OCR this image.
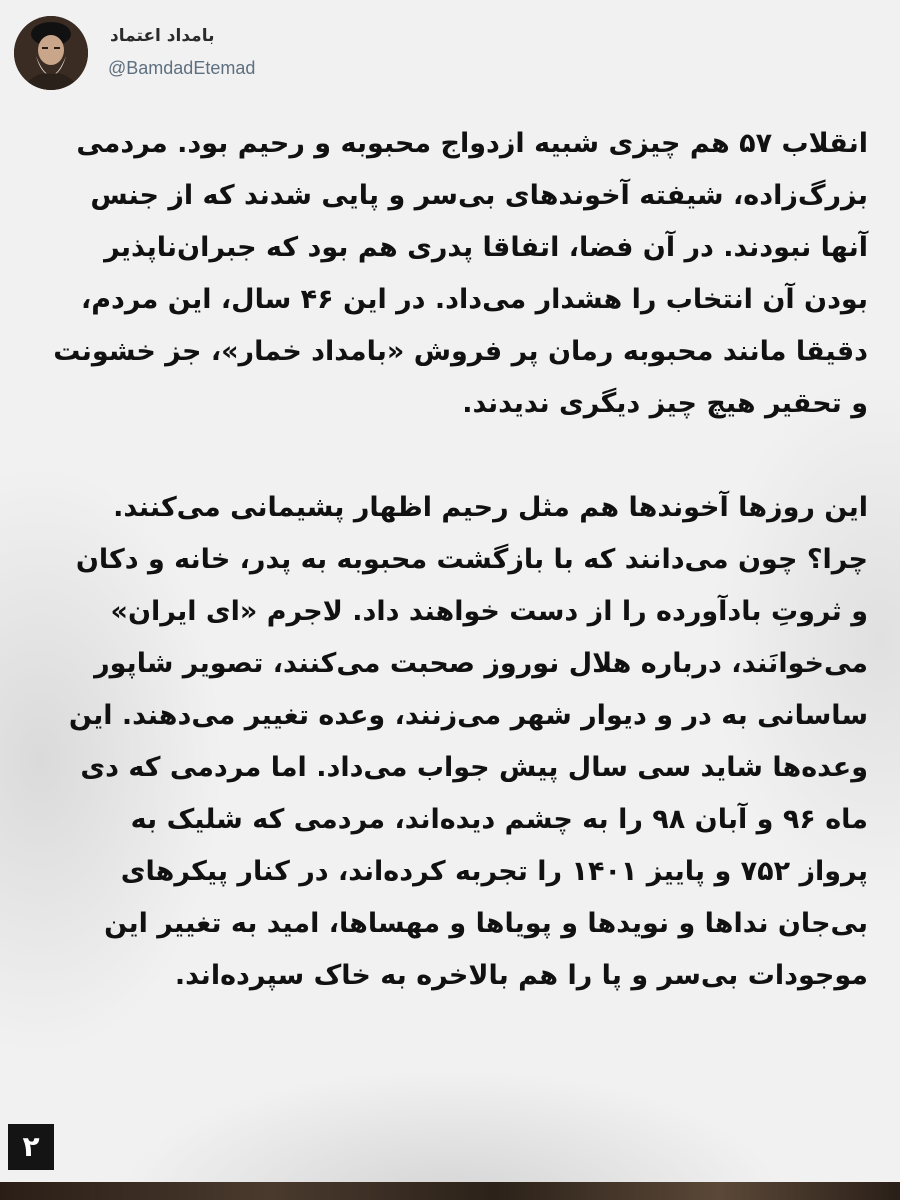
بامداد اعتماد
@BamdadEtemad

انقلاب ۵۷ هم چیزی شبیه ازدواج محبوبه و رحیم بود. مردمی
بزرگ‌زاده، شیفته آخوندهای بی‌سر و پایی شدند که از جنس
آنها نبودند. در آن فضا، اتفاقا پدری هم بود که جبران‌ناپذیر
بودن آن انتخاب را هشدار می‌داد. در این ۴۶ سال، این مردم،
دقیقا مانند محبوبه رمان پر فروش «بامداد خمار»، جز خشونت
و تحقیر هیچ چیز دیگری ندیدند.

این روزها آخوندها هم مثل رحیم اظهار پشیمانی می‌کنند.
چرا؟ چون می‌دانند که با بازگشت محبوبه به پدر، خانه و دکان
و ثروتِ بادآورده را از دست خواهند داد. لاجرم «ای ایران»
می‌خوانَند، درباره هلال نوروز صحبت می‌کنند، تصویر شاپور
ساسانی به در و دیوار شهر می‌زنند، وعده تغییر می‌دهند. این
وعده‌ها شاید سی سال پیش جواب می‌داد. اما مردمی که دی
ماه ۹۶ و آبان ۹۸ را به چشم دیده‌اند، مردمی که شلیک به
پرواز ۷۵۲ و پاییز ۱۴۰۱ را تجربه کرده‌اند، در کنار پیکرهای
بی‌جان نداها و نویدها و پویاها و مهساها، امید به تغییر این
موجودات بی‌سر و پا را هم بالاخره به خاک سپرده‌اند.

۲
